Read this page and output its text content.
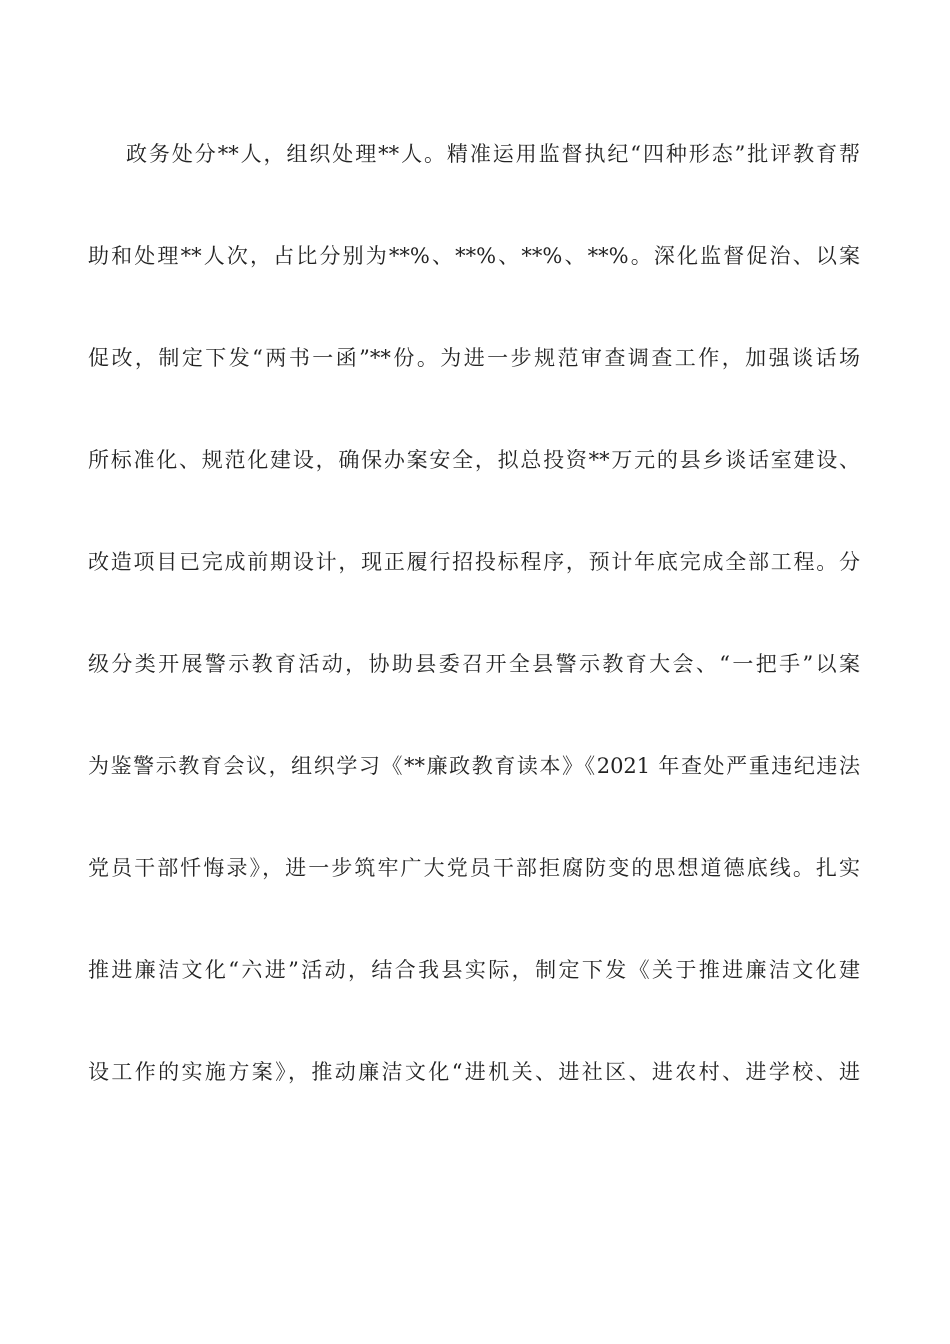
政务处分**人，组织处理**人。精准运用监督执纪“四种形态”批评教育帮
助和处理**人次，占比分别为**%、**%、**%、**%。深化监督促治、以案
促改，制定下发“两书一函”**份。为进一步规范审查调查工作，加强谈话场
所标准化、规范化建设，确保办案安全，拟总投资**万元的县乡谈话室建设、
改造项目已完成前期设计，现正履行招投标程序，预计年底完成全部工程。分
级分类开展警示教育活动，协助县委召开全县警示教育大会、“一把手”以案
为鉴警示教育会议，组织学习《**廉政教育读本》《2021 年查处严重违纪违法
党员干部忏悔录》，进一步筑牢广大党员干部拒腐防变的思想道德底线。扎实
推进廉洁文化“六进”活动，结合我县实际，制定下发《关于推进廉洁文化建
设工作的实施方案》，推动廉洁文化“进机关、进社区、进农村、进学校、进
